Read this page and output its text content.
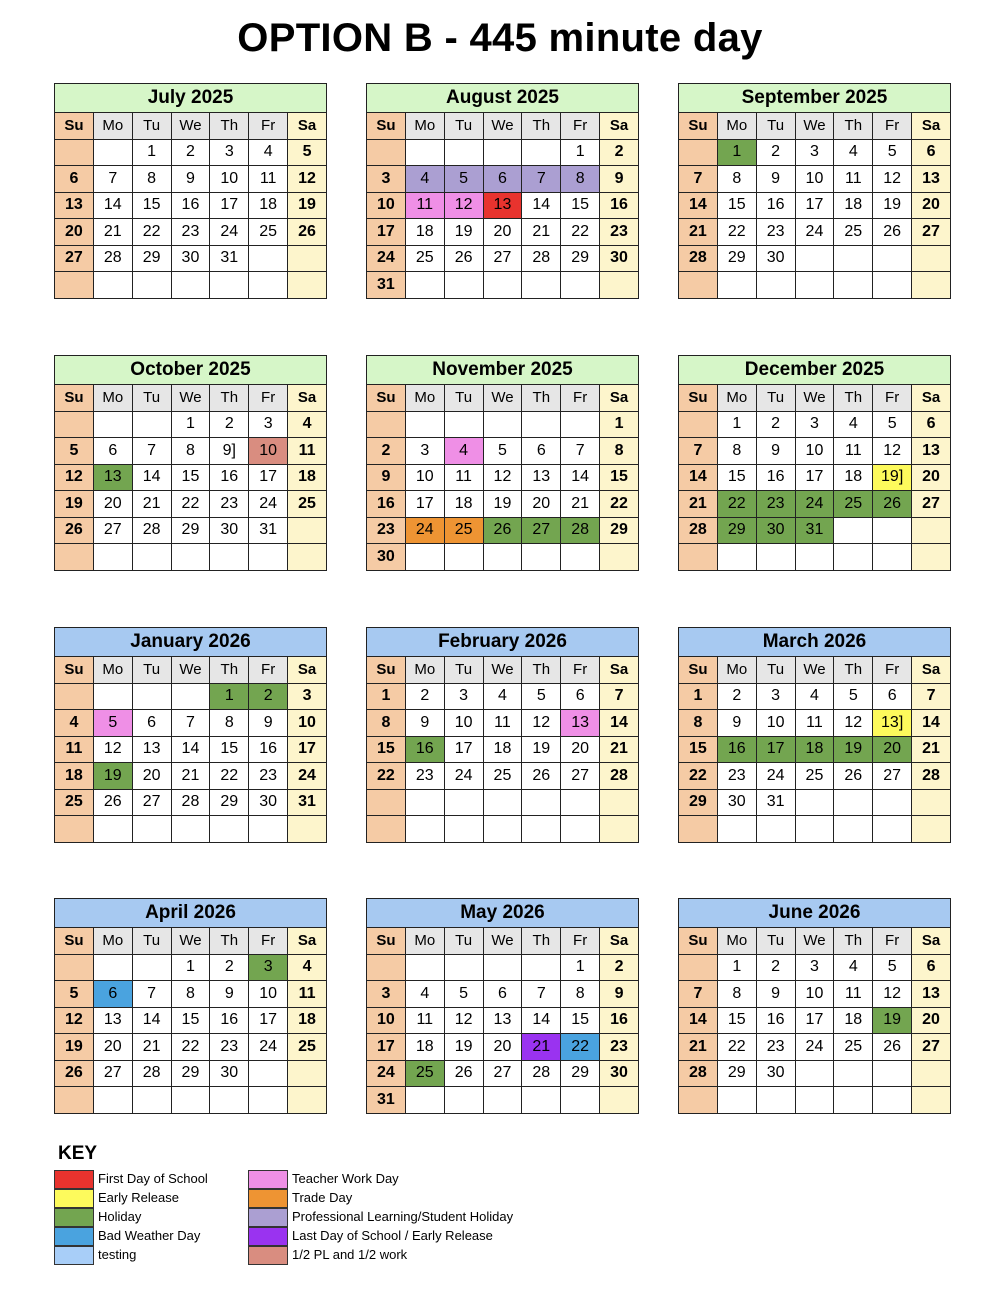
OPTION B - 445 minute day
July 2025						
Su	Mo	Tu	We	Th	Fr	Sa
		1	2	3	4	5
6	7	8	9	10	11	12
13	14	15	16	17	18	19
20	21	22	23	24	25	26
27	28	29	30	31		

August 2025						
Su	Mo	Tu	We	Th	Fr	Sa
					1	2
3	4	5	6	7	8	9
10	11	12	13	14	15	16
17	18	19	20	21	22	23
24	25	26	27	28	29	30
31						
September 2025						
Su	Mo	Tu	We	Th	Fr	Sa
	1	2	3	4	5	6
7	8	9	10	11	12	13
14	15	16	17	18	19	20
21	22	23	24	25	26	27
28	29	30				

October 2025						
Su	Mo	Tu	We	Th	Fr	Sa
			1	2	3	4
5	6	7	8	9]	10	11
12	13	14	15	16	17	18
19	20	21	22	23	24	25
26	27	28	29	30	31	

November 2025						
Su	Mo	Tu	We	Th	Fr	Sa
						1
2	3	4	5	6	7	8
9	10	11	12	13	14	15
16	17	18	19	20	21	22
23	24	25	26	27	28	29
30						
December 2025						
Su	Mo	Tu	We	Th	Fr	Sa
	1	2	3	4	5	6
7	8	9	10	11	12	13
14	15	16	17	18	19]	20
21	22	23	24	25	26	27
28	29	30	31			

January 2026						
Su	Mo	Tu	We	Th	Fr	Sa
				1	2	3
4	5	6	7	8	9	10
11	12	13	14	15	16	17
18	19	20	21	22	23	24
25	26	27	28	29	30	31

February 2026						
Su	Mo	Tu	We	Th	Fr	Sa
1	2	3	4	5	6	7
8	9	10	11	12	13	14
15	16	17	18	19	20	21
22	23	24	25	26	27	28

March 2026						
Su	Mo	Tu	We	Th	Fr	Sa
1	2	3	4	5	6	7
8	9	10	11	12	13]	14
15	16	17	18	19	20	21
22	23	24	25	26	27	28
29	30	31				

April 2026						
Su	Mo	Tu	We	Th	Fr	Sa
			1	2	3	4
5	6	7	8	9	10	11
12	13	14	15	16	17	18
19	20	21	22	23	24	25
26	27	28	29	30		

May 2026						
Su	Mo	Tu	We	Th	Fr	Sa
					1	2
3	4	5	6	7	8	9
10	11	12	13	14	15	16
17	18	19	20	21	22	23
24	25	26	27	28	29	30
31						
June 2026						
Su	Mo	Tu	We	Th	Fr	Sa
	1	2	3	4	5	6
7	8	9	10	11	12	13
14	15	16	17	18	19	20
21	22	23	24	25	26	27
28	29	30				

KEY
First Day of School
Early Release
Holiday
Bad Weather Day
testing
Teacher Work Day
Trade Day
Professional Learning/Student Holiday
Last Day of School / Early Release
1/2 PL and 1/2 work
